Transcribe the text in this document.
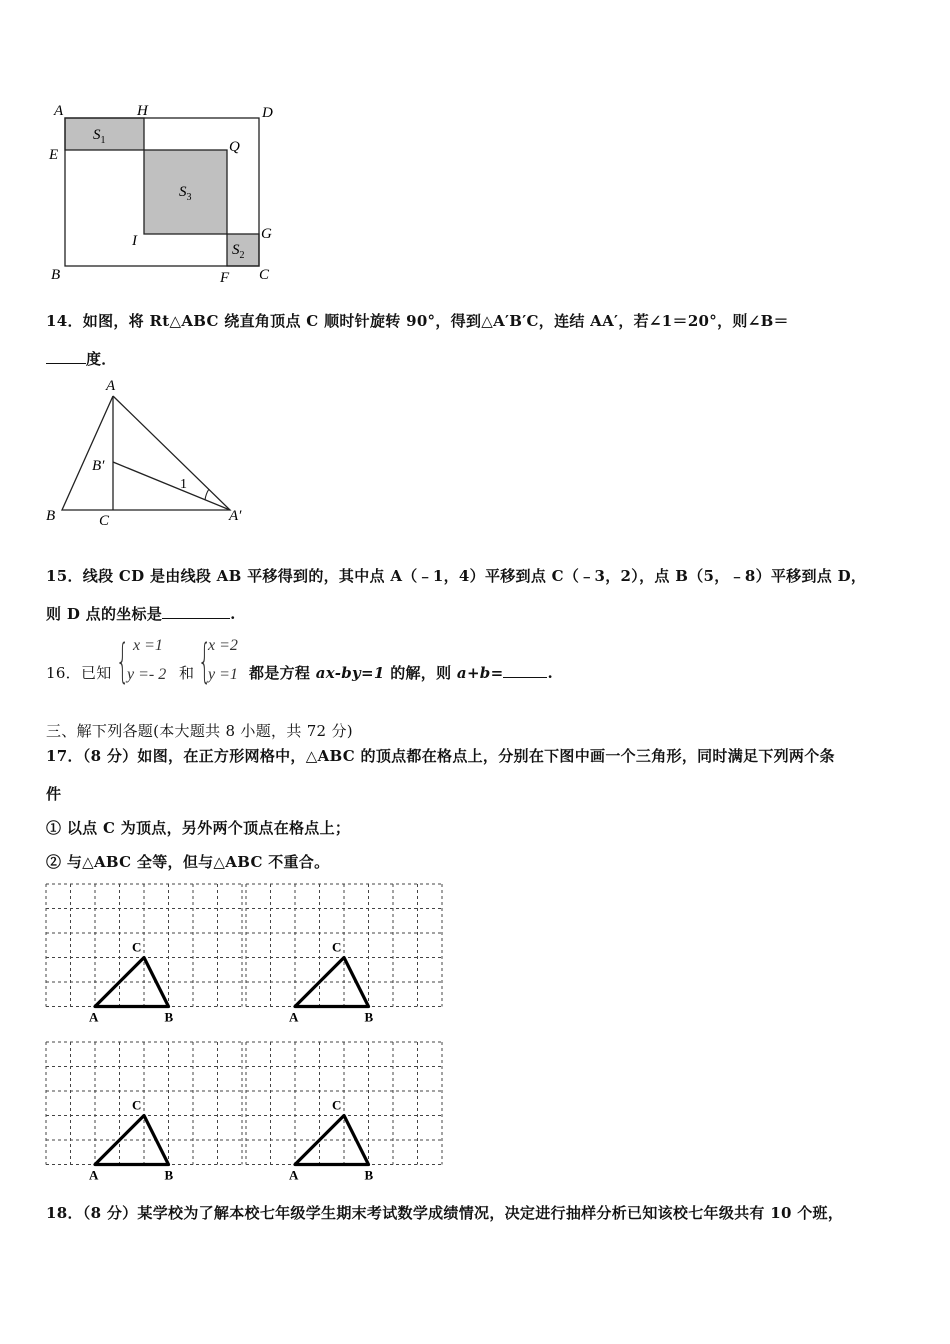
A	H	D
E	Q
I	G
B	F C
$S_1$
$S_3$
$S_2$
14．如图，将 Rt△ABC 绕直角顶点 C 顺时针旋转 90°，得到△A′B′C，连结 AA′，若∠1＝20°，则∠B＝
度．
A
B′
1
B	C	A′
15．线段 CD 是由线段 AB 平移得到的，其中点 A（﹣1，4）平移到点 C（﹣3，2），点 B（5，﹣8）平移到点 D，
则 D 点的坐标是	.
16．已知 { x =1
y =- 2 和 {
x =2
y =1 都是方程 ax-by=1 的解，则 a+b=	.
三、解下列各题(本大题共 8 小题，共 72 分)
17．（8 分）如图，在正方形网格中，△ABC 的顶点都在格点上，分别在下图中画一个三角形，同时满足下列两个条
件
① 以点 C 为顶点，另外两个顶点在格点上；
② 与△ABC 全等，但与△ABC 不重合。
A	B
C
A	B
C
A	B
C
A	B
C
18．（8 分）某学校为了解本校七年级学生期末考试数学成绩情况，决定进行抽样分析已知该校七年级共有 10 个班，
